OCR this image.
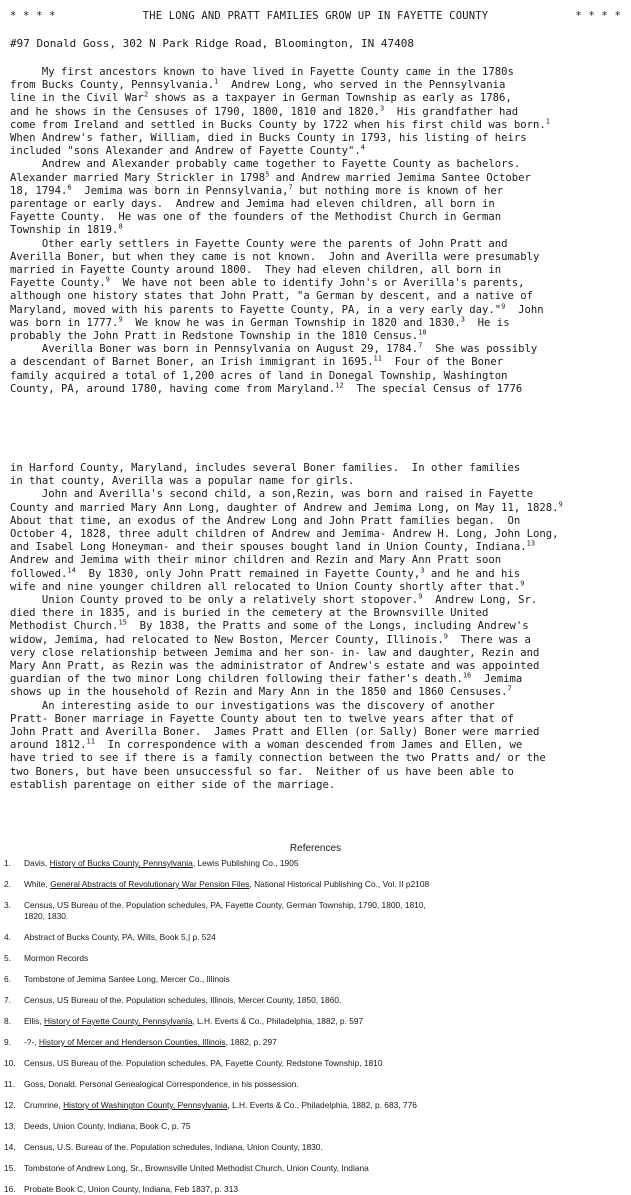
* * * *	THE LONG AND PRATT FAMILIES GROW UP IN FAYETTE COUNTY	* * * *
#97 Donald Goss, 302 N Park Ridge Road, Bloomington, IN 47408
My first ancestors known to have lived in Fayette County came in the 1780s
from Bucks County, Pennsylvania.$^1$  Andrew Long, who served in the Pennsylvania
line in the Civil War$^2$ shows as a taxpayer in German Township as early as 1786,
and he shows in the Censuses of 1790, 1800, 1810 and 1820.$^3$  His grandfather had
come from Ireland and settled in Bucks County by 1722 when his first child was born.$^1$
When Andrew's father, William, died in Bucks County in 1793, his listing of heirs
included "sons Alexander and Andrew of Fayette County".$^4$
Andrew and Alexander probably came together to Fayette County as bachelors.
Alexander married Mary Strickler in 1798$^5$ and Andrew married Jemima Santee October
18, 1794.$^6$  Jemima was born in Pennsylvania,$^7$ but nothing more is known of her
parentage or early days.  Andrew and Jemima had eleven children, all born in
Fayette County.  He was one of the founders of the Methodist Church in German
Township in 1819.$^8$
Other early settlers in Fayette County were the parents of John Pratt and
Averilla Boner, but when they came is not known.  John and Averilla were presumably
married in Fayette County around 1800.  They had eleven children, all born in
Fayette County.$^9$  We have not been able to identify John's or Averilla's parents,
although one history states that John Pratt, "a German by descent, and a native of
Maryland, moved with his parents to Fayette County, PA, in a very early day."$^9$  John
was born in 1777.$^9$  We know he was in German Township in 1820 and 1830.$^3$  He is
probably the John Pratt in Redstone Township in the 1810 Census.$^{10}$
Averilla Boner was born in Pennsylvania on August 29, 1784.$^7$  She was possibly
a descendant of Barnet Boner, an Irish immigrant in 1695.11  Four of the Boner
family acquired a total of 1,200 acres of land in Donegal Township, Washington
County, PA, around 1780, having come from Maryland.$^{12}$  The special Census of 1776
in Harford County, Maryland, includes several Boner families.  In other families
in that county, Averilla was a popular name for girls.
John and Averilla's second child, a son,Rezin, was born and raised in Fayette
County and married Mary Ann Long, daughter of Andrew and Jemima Long, on May 11, 1828.$^9$
About that time, an exodus of the Andrew Long and John Pratt families began.  On
October 4, 1828, three adult children of Andrew and Jemima- Andrew H. Long, John Long,
and Isabel Long Honeyman- and their spouses bought land in Union County, Indiana.$^{13}$
Andrew and Jemima with their minor children and Rezin and Mary Ann Pratt soon
followed.$^{14}$  By 1830, only John Pratt remained in Fayette County,$^3$ and he and his
wife and nine younger children all relocated to Union County shortly after that.$^9$
Union County proved to be only a relatively short stopover.$^9$  Andrew Long, Sr.
died there in 1835, and is buried in the cemetery at the Brownsville United
Methodist Church.$^{15}$  By 1838, the Pratts and some of the Longs, including Andrew's
widow, Jemima, had relocated to New Boston, Mercer County, Illinois.$^9$  There was a
very close relationship between Jemima and her son- in- law and daughter, Rezin and
Mary Ann Pratt, as Rezin was the administrator of Andrew's estate and was appointed
guardian of the two minor Long children following their father's death.$^{16}$  Jemima
shows up in the household of Rezin and Mary Ann in the 1850 and 1860 Censuses.$^7$
An interesting aside to our investigations was the discovery of another
Pratt- Boner marriage in Fayette County about ten to twelve years after that of
John Pratt and Averilla Boner.  James Pratt and Ellen (or Sally) Boner were married
around 1812.11  In correspondence with a woman descended from James and Ellen, we
have tried to see if there is a family connection between the two Pratts and/ or the
two Boners, but have been unsuccessful so far.  Neither of us have been able to
establish parentage on either side of the marriage.
References
1.	Davis, History of Bucks County, Pennsylvania, Lewis Publishing Co., 1905
2.	White, General Abstracts of Revolutionary War Pension Files, National Historical Publishing Co., Vol. II p2108
3.	Census, US Bureau of the. Population schedules, PA, Fayette County, German Township, 1790, 1800, 1810,
1820, 1830.
4.	Abstract of Bucks County, PA, Wills, Book 5,| p. 524
5.	Mormon Records
6.	Tombstone of Jemima Santee Long, Mercer Co., Illinois
7.	Census, US Bureau of the. Population schedules, Illinois, Mercer County, 1850, 1860.
8.	Ellis, History of Fayette County, Pennsylvania, L.H. Everts & Co., Philadelphia, 1882, p. 597
9.	-?-, History of Mercer and Henderson Counties, Illinois, 1882, p. 297
10. Census, US Bureau of the. Population schedules, PA, Fayette County, Redstone Township, 1810
11.	Goss, Donald. Personal Genealogical Correspondence, in his possession.
12. Crumrine, History of Washington County, Pennsylvania, L.H. Everts & Co., Philadelphia, 1882, p. 683, 776
13. Deeds, Union County, Indiana, Book C, p. 75
14. Census, U.S. Bureau of the. Population schedules, Indiana, Union County, 1830.
15. Tombstone of Andrew Long, Sr., Brownsville United Methodist Church, Union County, Indiana
16. Probate Book C, Union County, Indiana, Feb 1837, p. 313
